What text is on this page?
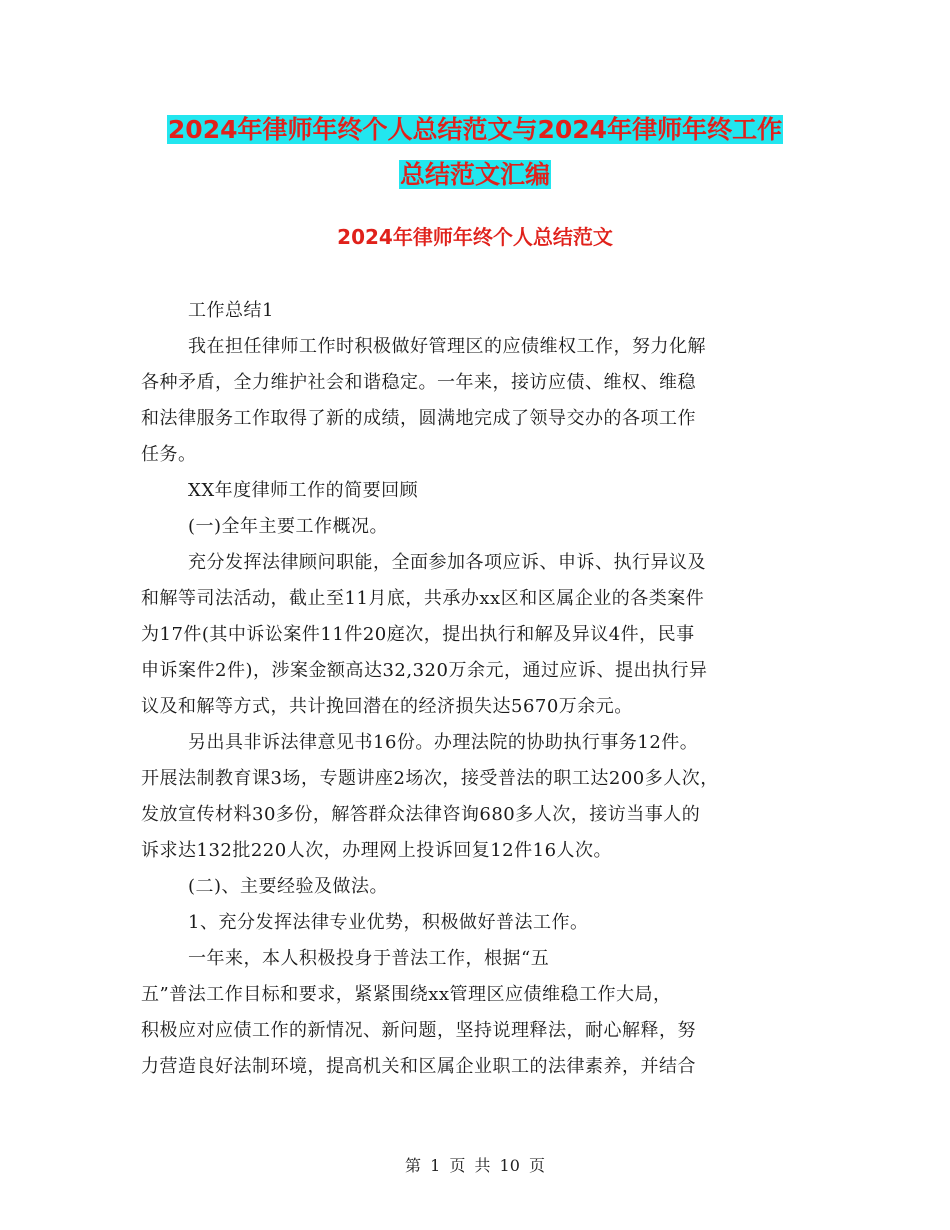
2024年律师年终个人总结范文与2024年律师年终工作
总结范文汇编
2024年律师年终个人总结范文
工作总结1
我在担任律师工作时积极做好管理区的应债维权工作，努力化解
各种矛盾，全力维护社会和谐稳定。一年来，接访应债、维权、维稳
和法律服务工作取得了新的成绩，圆满地完成了领导交办的各项工作
任务。
XX年度律师工作的简要回顾
(一)全年主要工作概况。
充分发挥法律顾问职能，全面参加各项应诉、申诉、执行异议及
和解等司法活动，截止至11月底，共承办xx区和区属企业的各类案件
为17件(其中诉讼案件11件20庭次，提出执行和解及异议4件，民事
申诉案件2件)，涉案金额高达32,320万余元，通过应诉、提出执行异
议及和解等方式，共计挽回潜在的经济损失达5670万余元。
另出具非诉法律意见书16份。办理法院的协助执行事务12件。
开展法制教育课3场，专题讲座2场次，接受普法的职工达200多人次，
发放宣传材料30多份，解答群众法律咨询680多人次，接访当事人的
诉求达132批220人次，办理网上投诉回复12件16人次。
(二)、主要经验及做法。
1、充分发挥法律专业优势，积极做好普法工作。
一年来，本人积极投身于普法工作，根据“五
五”普法工作目标和要求，紧紧围绕xx管理区应债维稳工作大局，
积极应对应债工作的新情况、新问题，坚持说理释法，耐心解释，努
力营造良好法制环境，提高机关和区属企业职工的法律素养，并结合
第 1 页 共 10 页
